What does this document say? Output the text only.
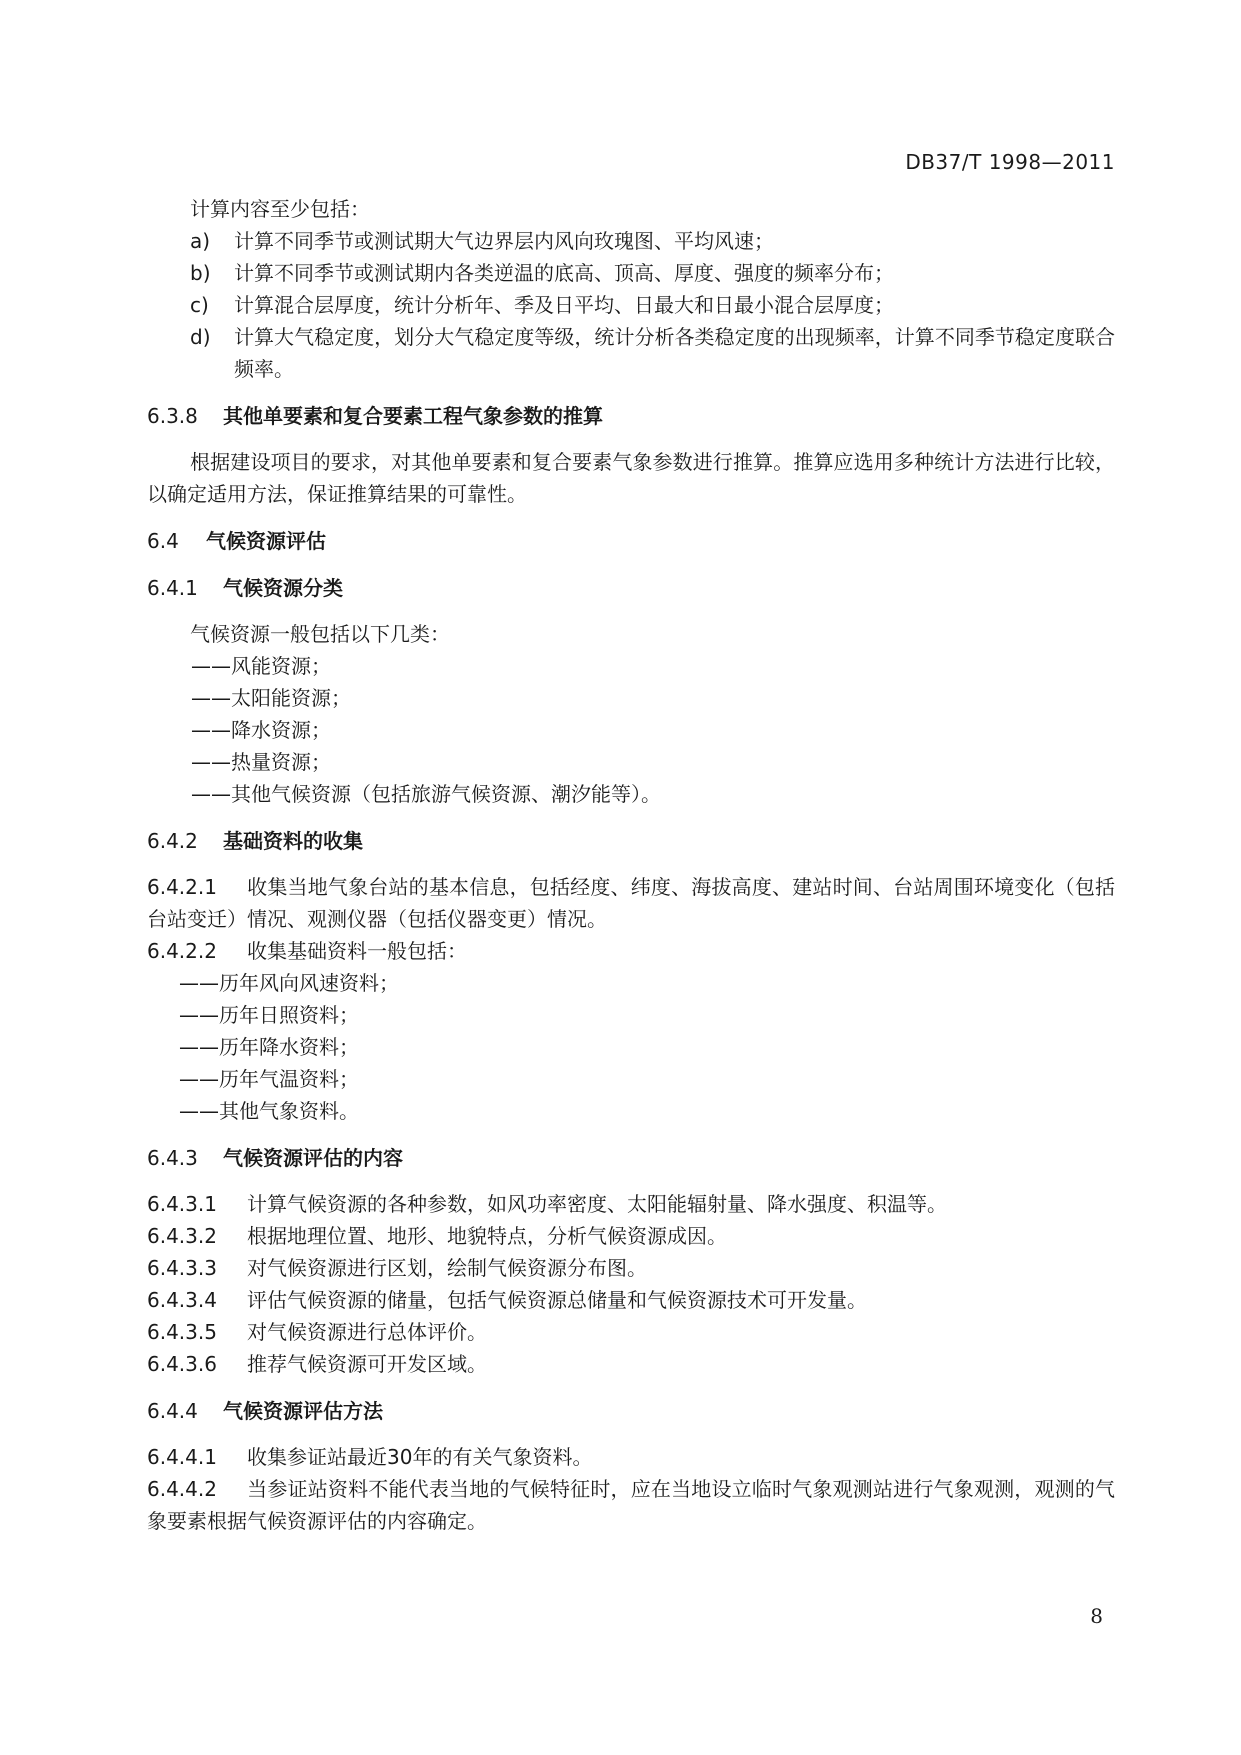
DB37/T 1998—2011

计算内容至少包括：

a)	计算不同季节或测试期大气边界层内风向玫瑰图、平均风速；
b)	计算不同季节或测试期内各类逆温的底高、顶高、厚度、强度的频率分布；
c)	计算混合层厚度，统计分析年、季及日平均、日最大和日最小混合层厚度；
d)	计算大气稳定度，划分大气稳定度等级，统计分析各类稳定度的出现频率，计算不同季节稳定度联合频率。
6.3.8 其他单要素和复合要素工程气象参数的推算

根据建设项目的要求，对其他单要素和复合要素气象参数进行推算。推算应选用多种统计方法进行比较，以确定适用方法，保证推算结果的可靠性。

6.4 气候资源评估
6.4.1 气候资源分类

气候资源一般包括以下几类：

——风能资源；

——太阳能资源；

——降水资源；

——热量资源；

——其他气候资源（包括旅游气候资源、潮汐能等）。

6.4.2 基础资料的收集

6.4.2.1 收集当地气象台站的基本信息，包括经度、纬度、海拔高度、建站时间、台站周围环境变化（包括台站变迁）情况、观测仪器（包括仪器变更）情况。

6.4.2.2 收集基础资料一般包括：

——历年风向风速资料；

——历年日照资料；

——历年降水资料；

——历年气温资料；

——其他气象资料。

6.4.3 气候资源评估的内容

6.4.3.1 计算气候资源的各种参数，如风功率密度、太阳能辐射量、降水强度、积温等。

6.4.3.2 根据地理位置、地形、地貌特点，分析气候资源成因。

6.4.3.3 对气候资源进行区划，绘制气候资源分布图。

6.4.3.4 评估气候资源的储量，包括气候资源总储量和气候资源技术可开发量。

6.4.3.5 对气候资源进行总体评价。

6.4.3.6 推荐气候资源可开发区域。

6.4.4 气候资源评估方法

6.4.4.1 收集参证站最近30年的有关气象资料。

6.4.4.2 当参证站资料不能代表当地的气候特征时，应在当地设立临时气象观测站进行气象观测，观测的气象要素根据气候资源评估的内容确定。

8
